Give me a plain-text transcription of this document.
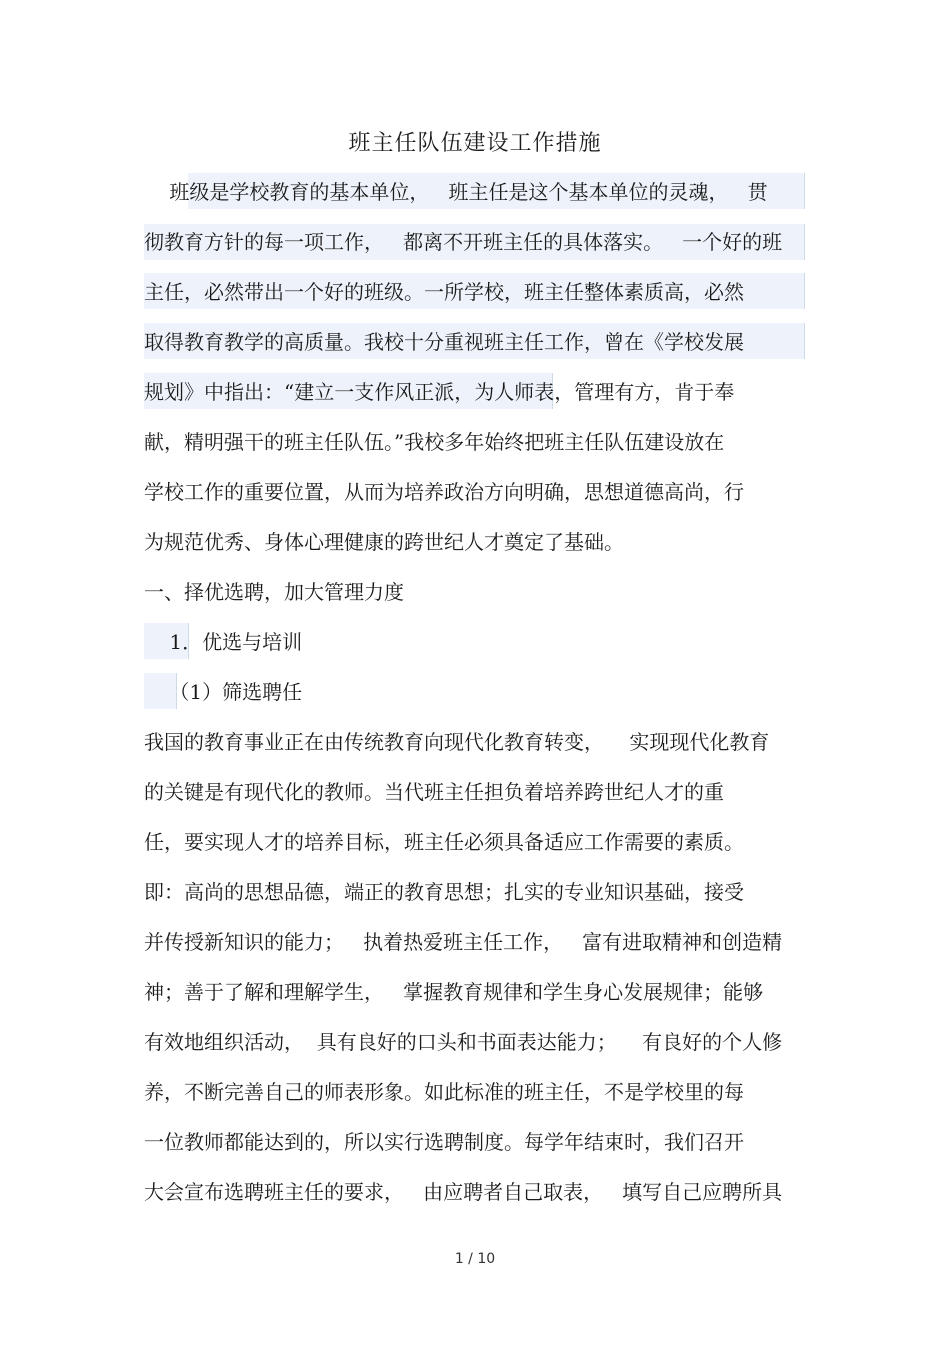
班主任队伍建设工作措施
班级是学校教育的基本单位，   班主任是这个基本单位的灵魂，   贯
彻教育方针的每一项工作，   都离不开班主任的具体落实。   一个好的班
主任，必然带出一个好的班级。一所学校，班主任整体素质高，必然
取得教育教学的高质量。我校十分重视班主任工作，曾在《学校发展
规划》中指出：“建立一支作风正派，为人师表，管理有方，肯于奉
献，精明强干的班主任队伍。”我校多年始终把班主任队伍建设放在
学校工作的重要位置，从而为培养政治方向明确，思想道德高尚，行
为规范优秀、身体心理健康的跨世纪人才奠定了基础。
一、择优选聘，加大管理力度
1．优选与培训
（1）筛选聘任
我国的教育事业正在由传统教育向现代化教育转变，    实现现代化教育
的关键是有现代化的教师。当代班主任担负着培养跨世纪人才的重
任，要实现人才的培养目标，班主任必须具备适应工作需要的素质。
即：高尚的思想品德，端正的教育思想；扎实的专业知识基础，接受
并传授新知识的能力；   执着热爱班主任工作，   富有进取精神和创造精
神；善于了解和理解学生，   掌握教育规律和学生身心发展规律；能够
有效地组织活动，  具有良好的口头和书面表达能力；    有良好的个人修
养，不断完善自己的师表形象。如此标准的班主任，不是学校里的每
一位教师都能达到的，所以实行选聘制度。每学年结束时，我们召开
大会宣布选聘班主任的要求，   由应聘者自己取表，   填写自己应聘所具
1 / 10
